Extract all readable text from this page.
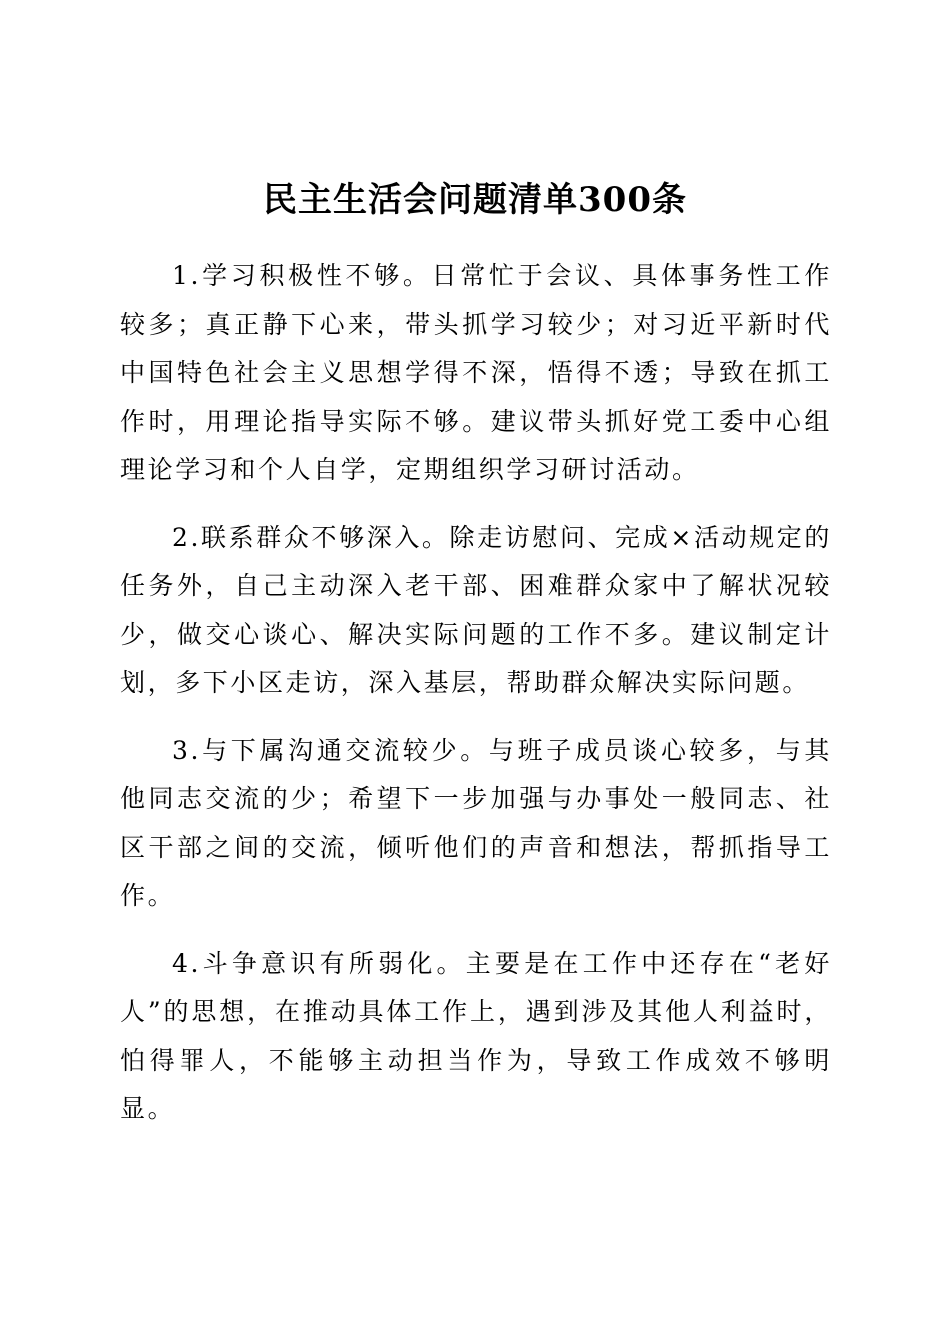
民主生活会问题清单300条

1.学习积极性不够。日常忙于会议、具体事务性工作较多；真正静下心来，带头抓学习较少；对习近平新时代中国特色社会主义思想学得不深，悟得不透；导致在抓工作时，用理论指导实际不够。建议带头抓好党工委中心组理论学习和个人自学，定期组织学习研讨活动。

2.联系群众不够深入。除走访慰问、完成×活动规定的任务外，自己主动深入老干部、困难群众家中了解状况较少，做交心谈心、解决实际问题的工作不多。建议制定计划，多下小区走访，深入基层，帮助群众解决实际问题。

3.与下属沟通交流较少。与班子成员谈心较多，与其他同志交流的少；希望下一步加强与办事处一般同志、社区干部之间的交流，倾听他们的声音和想法，帮抓指导工作。

4.斗争意识有所弱化。主要是在工作中还存在“老好人”的思想，在推动具体工作上，遇到涉及其他人利益时，怕得罪人，不能够主动担当作为，导致工作成效不够明显。
